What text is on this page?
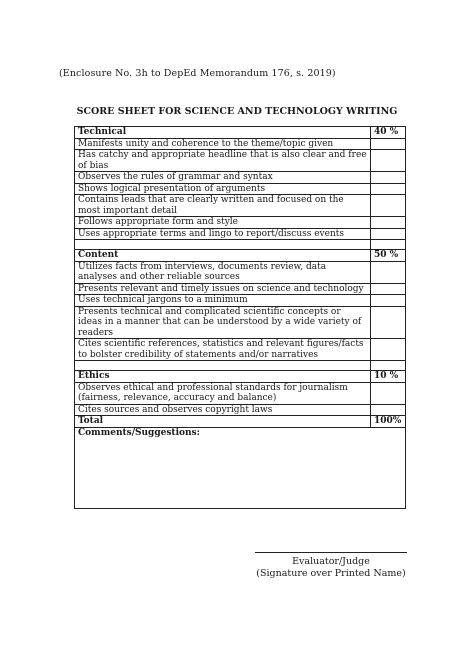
(Enclosure No. 3h to DepEd Memorandum 176, s. 2019)
SCORE SHEET FOR SCIENCE AND TECHNOLOGY WRITING
Technical	40 %
Manifests unity and coherence to the theme/topic given	
Has catchy and appropriate headline that is also clear and free of bias	
Observes the rules of grammar and syntax	
Shows logical presentation of arguments	
Contains leads that are clearly written and focused on the most important detail	
Follows appropriate form and style	
Uses appropriate terms and lingo to report/discuss events	

Content	50 %
Utilizes facts from interviews, documents review, data analyses and other reliable sources	
Presents relevant and timely issues on science and technology	
Uses technical jargons to a minimum	
Presents technical and complicated scientific concepts or ideas in a manner that can be understood by a wide variety of readers	
Cites scientific references, statistics and relevant figures/facts to bolster credibility of statements and/or narratives	

Ethics	10 %
Observes ethical and professional standards for journalism (fairness, relevance, accuracy and balance)	
Cites sources and observes copyright laws	
Total	100%
Comments/Suggestions:	
Evaluator/Judge
(Signature over Printed Name)
